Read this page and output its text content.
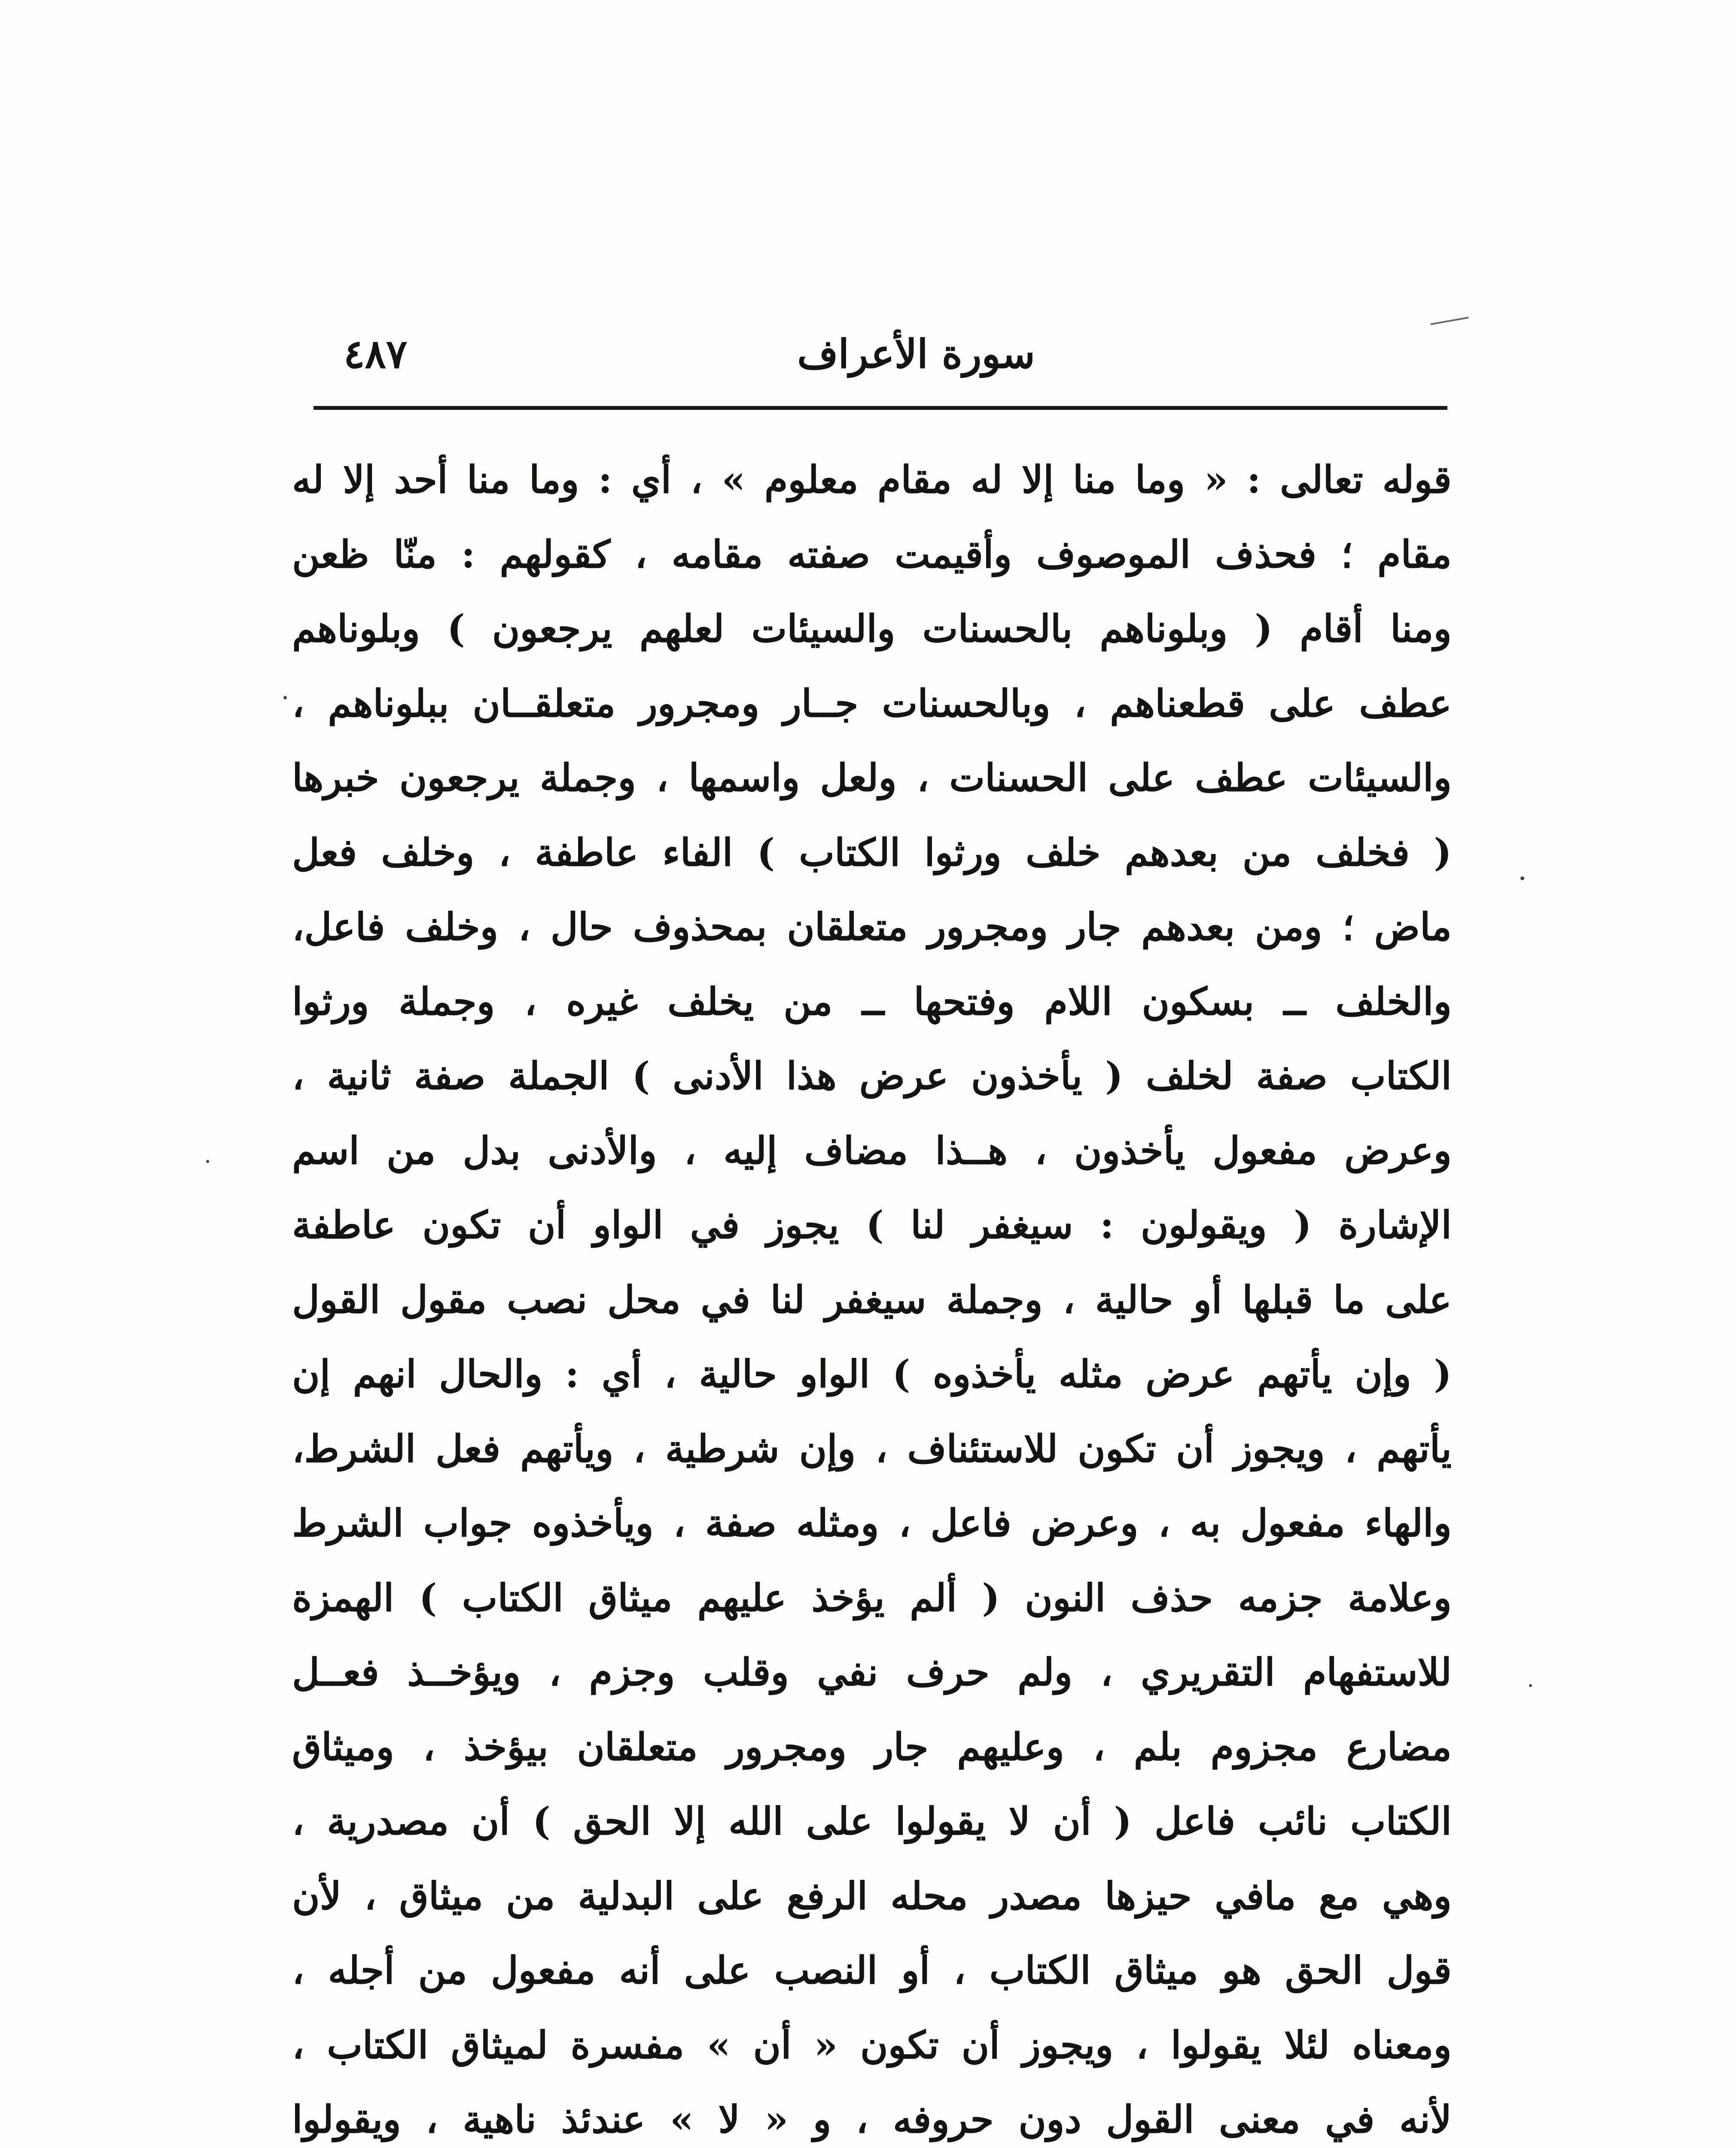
سورة الأعراف
٤٨٧
قوله تعالى : « وما منا إلا له مقام معلوم » ، أي : وما منا أحد إلا له
مقام ؛ فحذف الموصوف وأقيمت صفته مقامه ، كقولهم : منّا ظعن
ومنا أقام ( وبلوناهم بالحسنات والسيئات لعلهم يرجعون ) وبلوناهم
عطف على قطعناهم ، وبالحسنات جــار ومجرور متعلقــان ببلوناهم ،
والسيئات عطف على الحسنات ، ولعل واسمها ، وجملة يرجعون خبرها
( فخلف من بعدهم خلف ورثوا الكتاب ) الفاء عاطفة ، وخلف فعل
ماض ؛ ومن بعدهم جار ومجرور متعلقان بمحذوف حال ، وخلف فاعل،
والخلف ــ بسكون اللام وفتحها ــ من يخلف غيره ، وجملة ورثوا
الكتاب صفة لخلف ( يأخذون عرض هذا الأدنى ) الجملة صفة ثانية ،
وعرض مفعول يأخذون ، هــذا مضاف إليه ، والأدنى بدل من اسم
الإشارة ( ويقولون : سيغفر لنا ) يجوز في الواو أن تكون عاطفة
على ما قبلها أو حالية ، وجملة سيغفر لنا في محل نصب مقول القول
( وإن يأتهم عرض مثله يأخذوه ) الواو حالية ، أي : والحال انهم إن
يأتهم ، ويجوز أن تكون للاستئناف ، وإن شرطية ، ويأتهم فعل الشرط،
والهاء مفعول به ، وعرض فاعل ، ومثله صفة ، ويأخذوه جواب الشرط
وعلامة جزمه حذف النون ( ألم يؤخذ عليهم ميثاق الكتاب ) الهمزة
للاستفهام التقريري ، ولم حرف نفي وقلب وجزم ، ويؤخــذ فعــل
مضارع مجزوم بلم ، وعليهم جار ومجرور متعلقان بيؤخذ ، وميثاق
الكتاب نائب فاعل ( أن لا يقولوا على الله إلا الحق ) أن مصدرية ،
وهي مع مافي حيزها مصدر محله الرفع على البدلية من ميثاق ، لأن
قول الحق هو ميثاق الكتاب ، أو النصب على أنه مفعول من أجله ،
ومعناه لئلا يقولوا ، ويجوز أن تكون « أن » مفسرة لميثاق الكتاب ،
لأنه في معنى القول دون حروفه ، و « لا » عندئذ ناهية ، ويقولوا
